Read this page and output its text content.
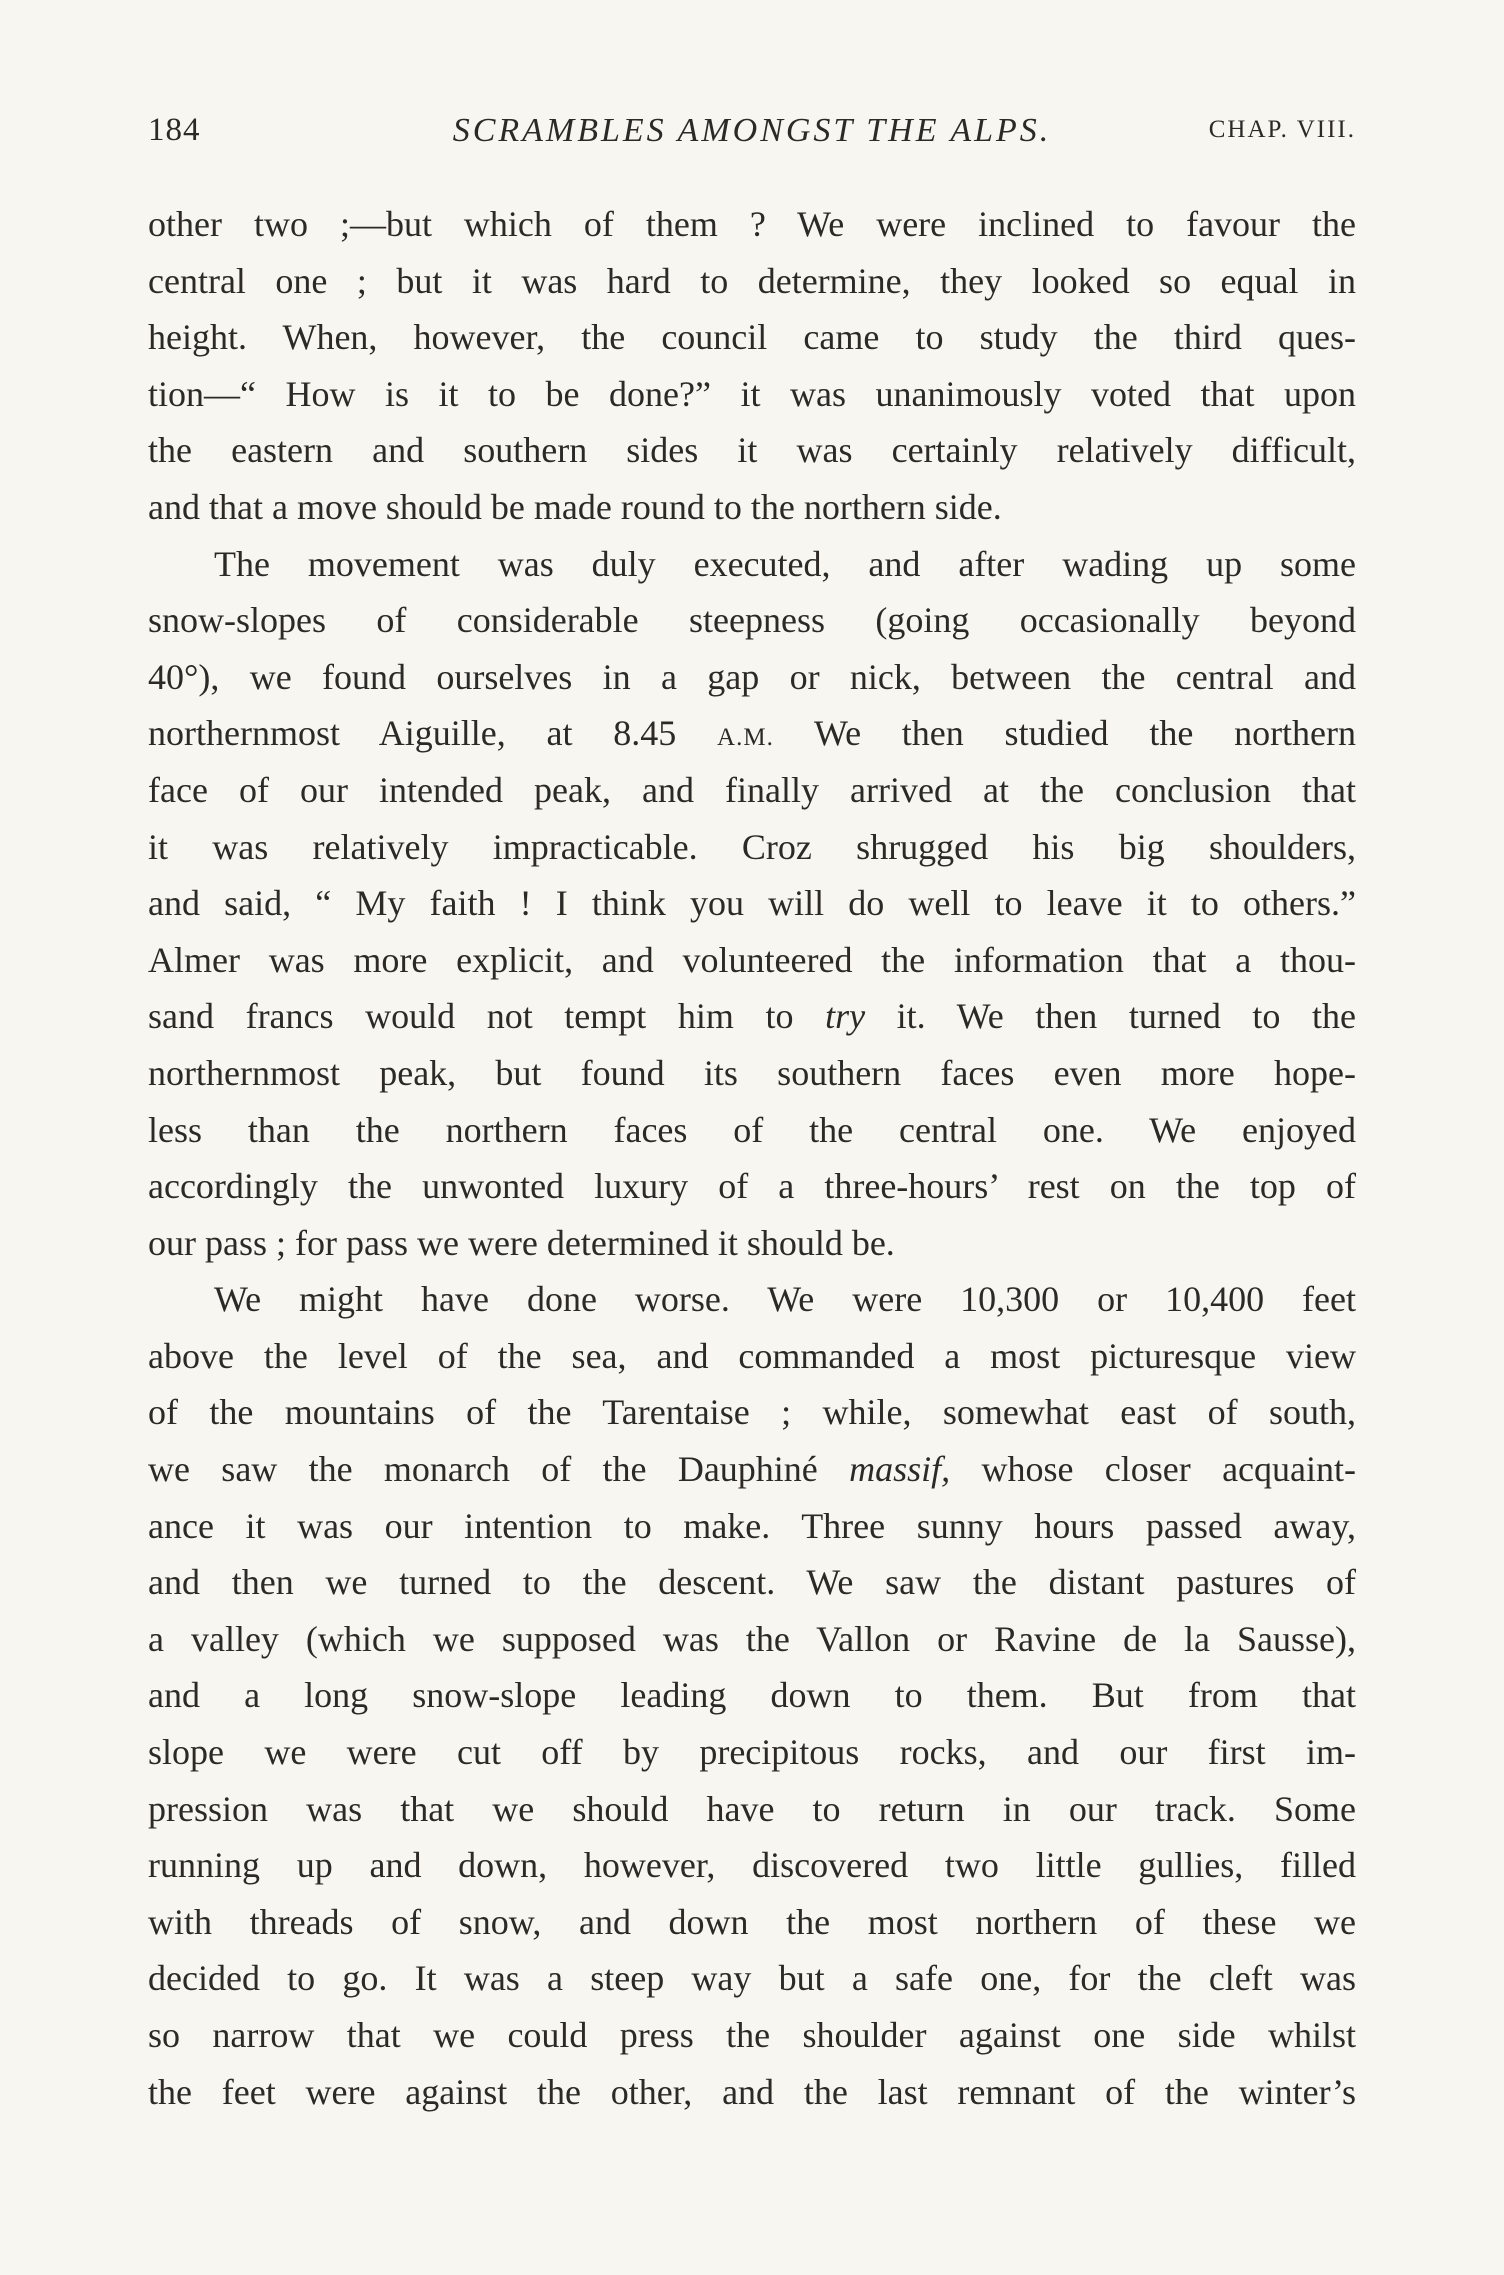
184	SCRAMBLES AMONGST THE ALPS.	CHAP. VIII.
other two ;—but which of them ? We were inclined to favour the
central one ; but it was hard to determine, they looked so equal in
height. When, however, the council came to study the third ques-
tion—“ How is it to be done?” it was unanimously voted that upon
the eastern and southern sides it was certainly relatively difficult,
and that a move should be made round to the northern side.
The movement was duly executed, and after wading up some
snow-slopes of considerable steepness (going occasionally beyond
40°), we found ourselves in a gap or nick, between the central and
northernmost Aiguille, at 8.45 A.M. We then studied the northern
face of our intended peak, and finally arrived at the conclusion that
it was relatively impracticable. Croz shrugged his big shoulders,
and said, “ My faith ! I think you will do well to leave it to others.”
Almer was more explicit, and volunteered the information that a thou-
sand francs would not tempt him to try it. We then turned to the
northernmost peak, but found its southern faces even more hope-
less than the northern faces of the central one. We enjoyed
accordingly the unwonted luxury of a three-hours’ rest on the top of
our pass ; for pass we were determined it should be.
We might have done worse. We were 10,300 or 10,400 feet
above the level of the sea, and commanded a most picturesque view
of the mountains of the Tarentaise ; while, somewhat east of south,
we saw the monarch of the Dauphiné massif, whose closer acquaint-
ance it was our intention to make. Three sunny hours passed away,
and then we turned to the descent. We saw the distant pastures of
a valley (which we supposed was the Vallon or Ravine de la Sausse),
and a long snow-slope leading down to them. But from that
slope we were cut off by precipitous rocks, and our first im-
pression was that we should have to return in our track. Some
running up and down, however, discovered two little gullies, filled
with threads of snow, and down the most northern of these we
decided to go. It was a steep way but a safe one, for the cleft was
so narrow that we could press the shoulder against one side whilst
the feet were against the other, and the last remnant of the winter’s
